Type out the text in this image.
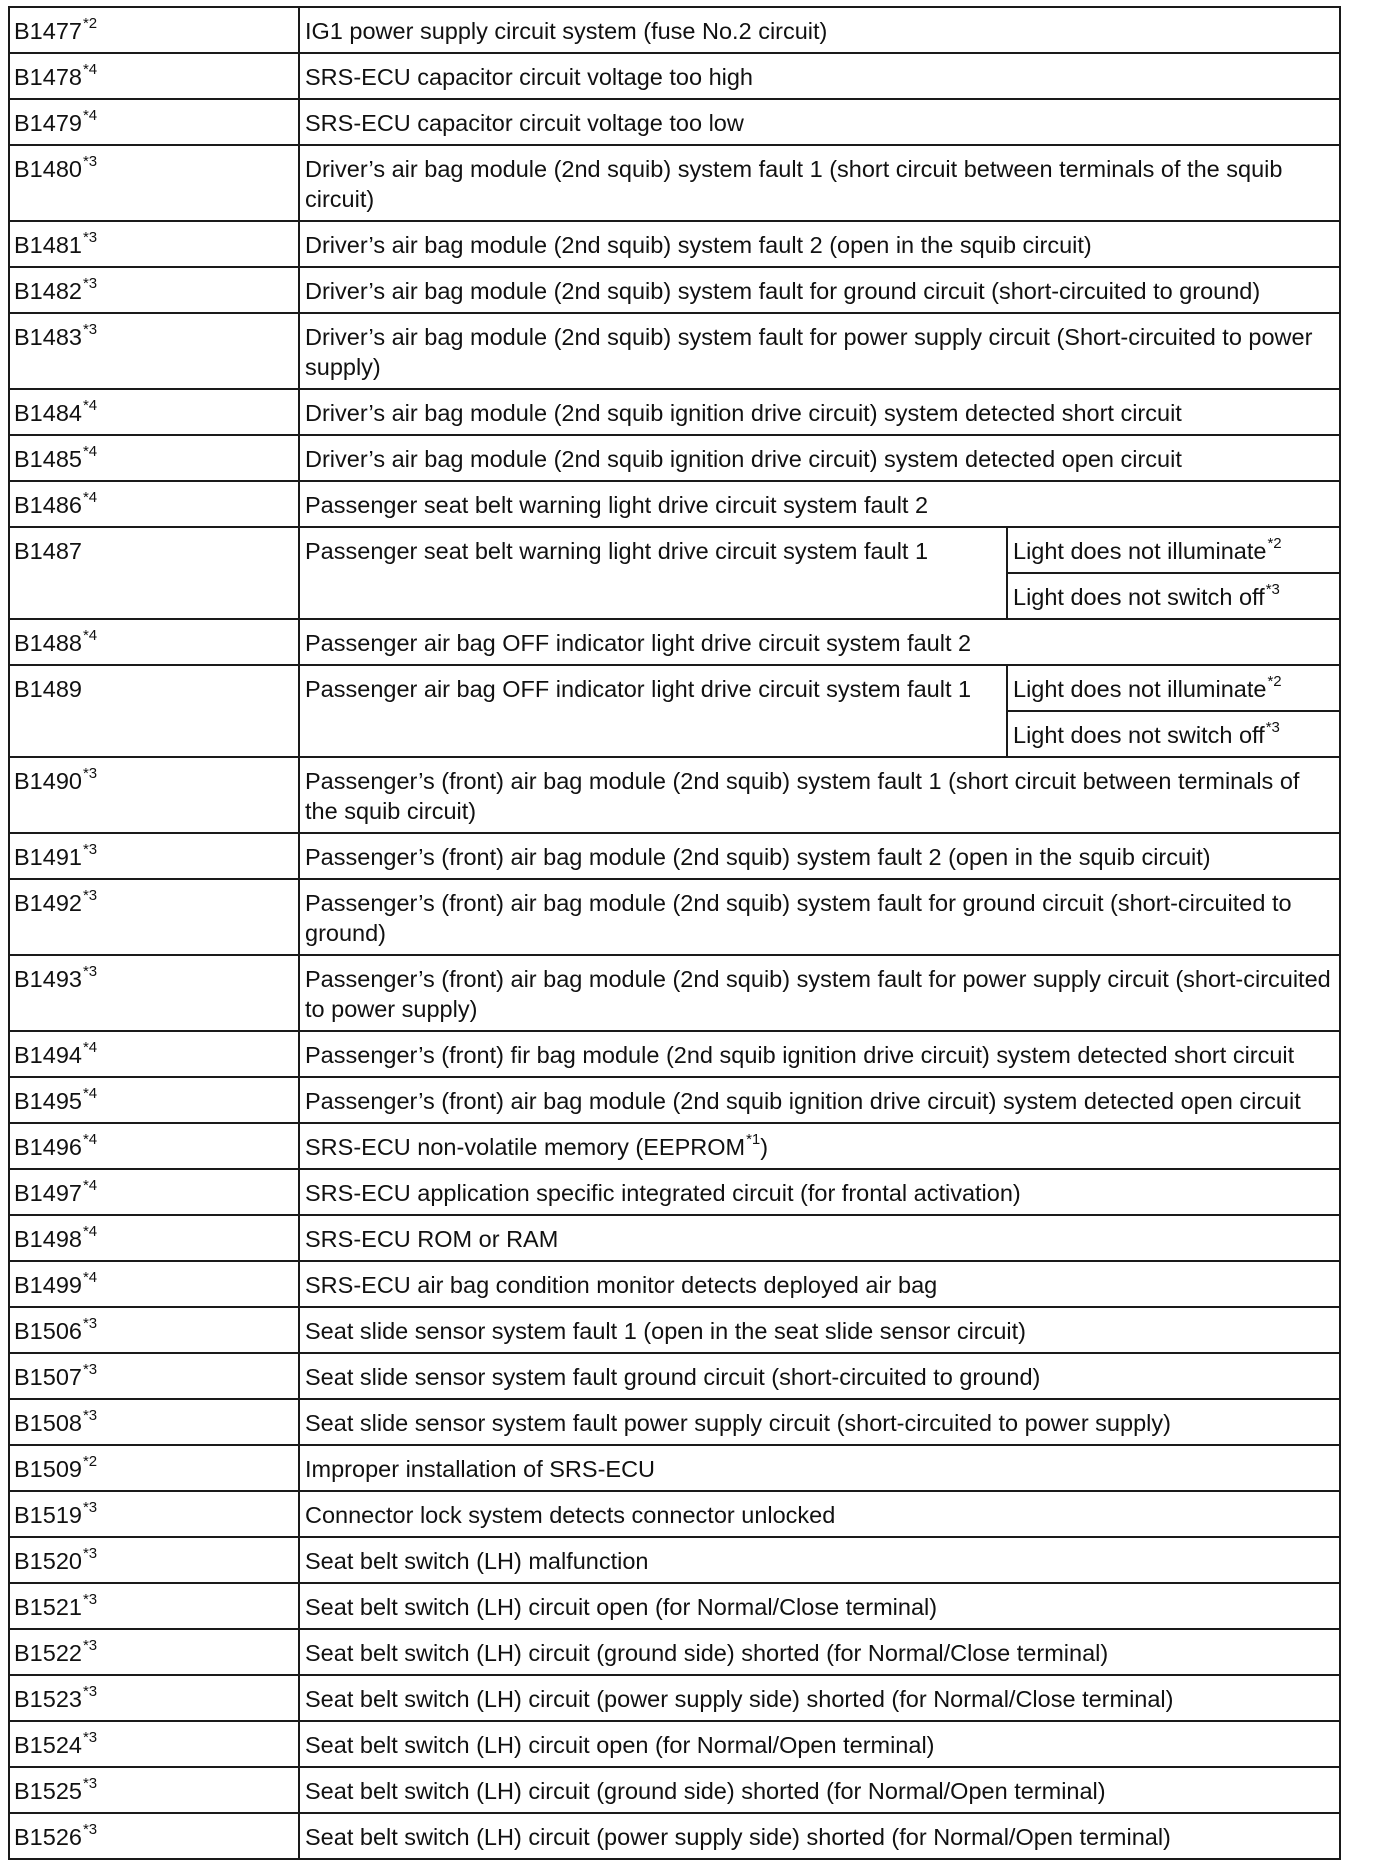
B1477$^{*2}$	IG1 power supply circuit system (fuse No.2 circuit)	
B1478$^{*4}$	SRS-ECU capacitor circuit voltage too high	
B1479$^{*4}$	SRS-ECU capacitor circuit voltage too low	
B1480$^{*3}$	Driver’s air bag module (2nd squib) system fault 1 (short circuit between terminals of the squib circuit)	
B1481$^{*3}$	Driver’s air bag module (2nd squib) system fault 2 (open in the squib circuit)	
B1482$^{*3}$	Driver’s air bag module (2nd squib) system fault for ground circuit (short-circuited to ground)	
B1483$^{*3}$	Driver’s air bag module (2nd squib) system fault for power supply circuit (Short-circuited to power supply)	
B1484$^{*4}$	Driver’s air bag module (2nd squib ignition drive circuit) system detected short circuit	
B1485$^{*4}$	Driver’s air bag module (2nd squib ignition drive circuit) system detected open circuit	
B1486$^{*4}$	Passenger seat belt warning light drive circuit system fault 2	
B1487	Passenger seat belt warning light drive circuit system fault 1	Light does not illuminate$^{*2}$
		Light does not switch off$^{*3}$
B1488$^{*4}$	Passenger air bag OFF indicator light drive circuit system fault 2	
B1489	Passenger air bag OFF indicator light drive circuit system fault 1	Light does not illuminate$^{*2}$
		Light does not switch off$^{*3}$
B1490$^{*3}$	Passenger’s (front) air bag module (2nd squib) system fault 1 (short circuit between terminals of the squib circuit)	
B1491$^{*3}$	Passenger’s (front) air bag module (2nd squib) system fault 2 (open in the squib circuit)	
B1492$^{*3}$	Passenger’s (front) air bag module (2nd squib) system fault for ground circuit (short-circuited to ground)	
B1493$^{*3}$	Passenger’s (front) air bag module (2nd squib) system fault for power supply circuit (short-circuited to power supply)	
B1494$^{*4}$	Passenger’s (front) fir bag module (2nd squib ignition drive circuit) system detected short circuit	
B1495$^{*4}$	Passenger’s (front) air bag module (2nd squib ignition drive circuit) system detected open circuit	
B1496$^{*4}$	SRS-ECU non-volatile memory (EEPROM$^{*1}$)	
B1497$^{*4}$	SRS-ECU application specific integrated circuit (for frontal activation)	
B1498$^{*4}$	SRS-ECU ROM or RAM	
B1499$^{*4}$	SRS-ECU air bag condition monitor detects deployed air bag	
B1506$^{*3}$	Seat slide sensor system fault 1 (open in the seat slide sensor circuit)	
B1507$^{*3}$	Seat slide sensor system fault ground circuit (short-circuited to ground)	
B1508$^{*3}$	Seat slide sensor system fault power supply circuit (short-circuited to power supply)	
B1509$^{*2}$	Improper installation of SRS-ECU	
B1519$^{*3}$	Connector lock system detects connector unlocked	
B1520$^{*3}$	Seat belt switch (LH) malfunction	
B1521$^{*3}$	Seat belt switch (LH) circuit open (for Normal/Close terminal)	
B1522$^{*3}$	Seat belt switch (LH) circuit (ground side) shorted (for Normal/Close terminal)	
B1523$^{*3}$	Seat belt switch (LH) circuit (power supply side) shorted (for Normal/Close terminal)	
B1524$^{*3}$	Seat belt switch (LH) circuit open (for Normal/Open terminal)	
B1525$^{*3}$	Seat belt switch (LH) circuit (ground side) shorted (for Normal/Open terminal)	
B1526$^{*3}$	Seat belt switch (LH) circuit (power supply side) shorted (for Normal/Open terminal)	
